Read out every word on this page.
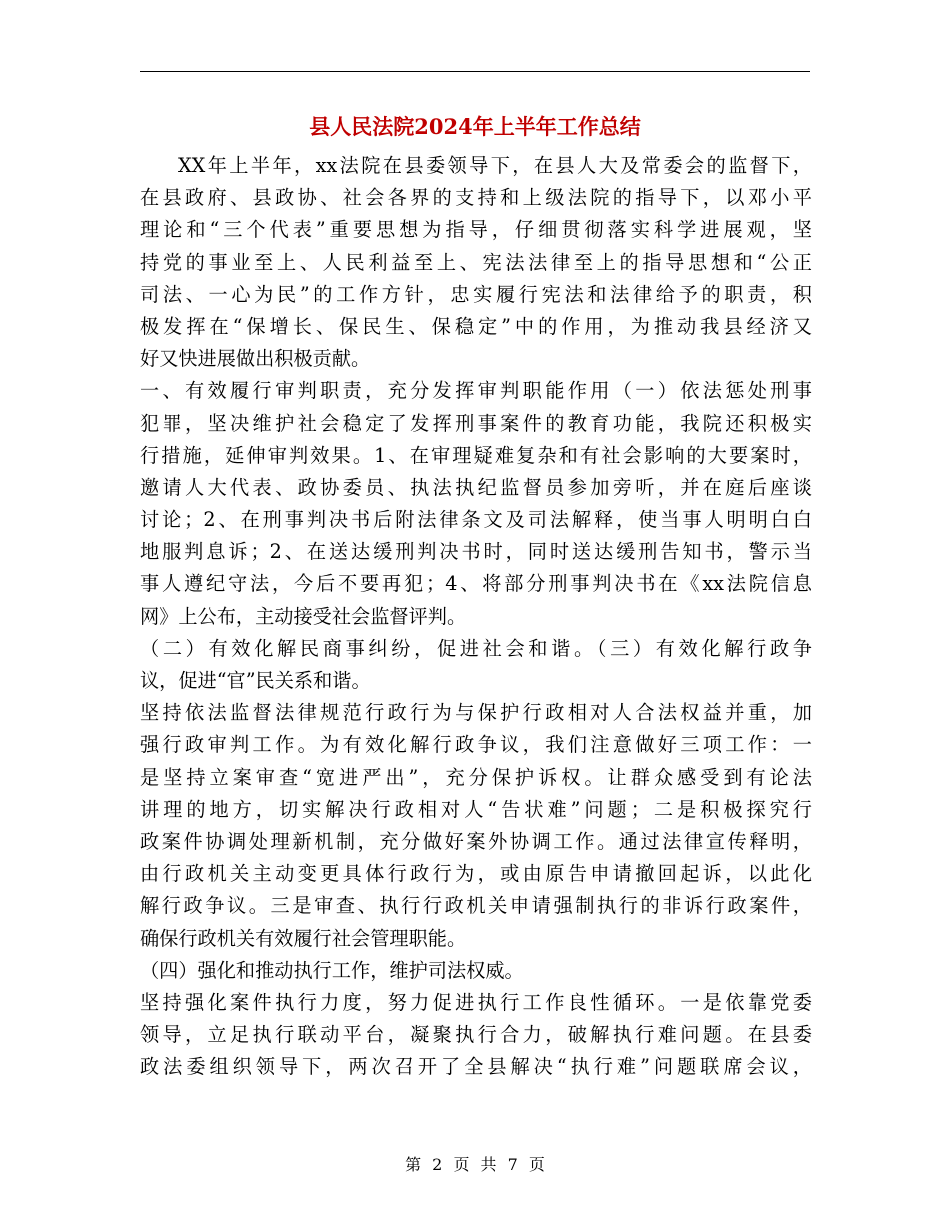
县人民法院2024年上半年工作总结
XX年上半年，xx法院在县委领导下，在县人大及常委会的监督下，
在县政府、县政协、社会各界的支持和上级法院的指导下，以邓小平
理论和“三个代表”重要思想为指导，仔细贯彻落实科学进展观，坚
持党的事业至上、人民利益至上、宪法法律至上的指导思想和“公正
司法、一心为民”的工作方针，忠实履行宪法和法律给予的职责，积
极发挥在“保增长、保民生、保稳定”中的作用，为推动我县经济又
好又快进展做出积极贡献。
一、有效履行审判职责，充分发挥审判职能作用（一）依法惩处刑事
犯罪，坚决维护社会稳定了发挥刑事案件的教育功能，我院还积极实
行措施，延伸审判效果。1、在审理疑难复杂和有社会影响的大要案时，
邀请人大代表、政协委员、执法执纪监督员参加旁听，并在庭后座谈
讨论；2、在刑事判决书后附法律条文及司法解释，使当事人明明白白
地服判息诉；2、在送达缓刑判决书时，同时送达缓刑告知书，警示当
事人遵纪守法，今后不要再犯；4、将部分刑事判决书在《xx法院信息
网》上公布，主动接受社会监督评判。
（二）有效化解民商事纠纷，促进社会和谐。（三）有效化解行政争
议，促进“官”民关系和谐。
坚持依法监督法律规范行政行为与保护行政相对人合法权益并重，加
强行政审判工作。为有效化解行政争议，我们注意做好三项工作：一
是坚持立案审查“宽进严出”，充分保护诉权。让群众感受到有论法
讲理的地方，切实解决行政相对人“告状难”问题；二是积极探究行
政案件协调处理新机制，充分做好案外协调工作。通过法律宣传释明，
由行政机关主动变更具体行政行为，或由原告申请撤回起诉，以此化
解行政争议。三是审查、执行行政机关申请强制执行的非诉行政案件，
确保行政机关有效履行社会管理职能。
（四）强化和推动执行工作，维护司法权威。
坚持强化案件执行力度，努力促进执行工作良性循环。一是依靠党委
领导，立足执行联动平台，凝聚执行合力，破解执行难问题。在县委
政法委组织领导下，两次召开了全县解决“执行难”问题联席会议，
第 2 页 共 7 页
